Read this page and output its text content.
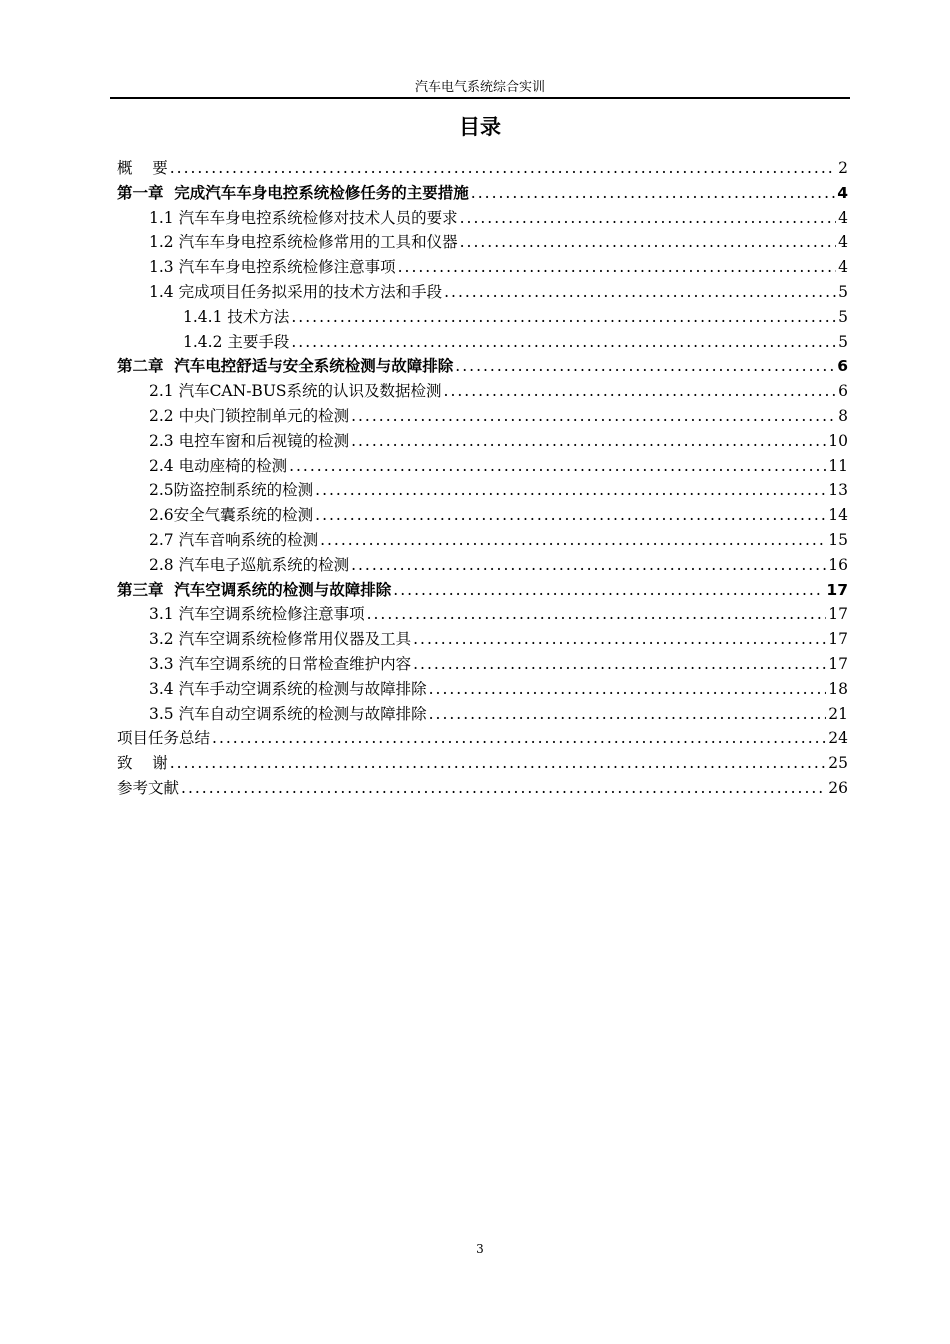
汽车电气系统综合实训
目录
概    要 .....	2
第一章  完成汽车车身电控系统检修任务的主要措施 .....	4
1.1 汽车车身电控系统检修对技术人员的要求 .....	4
1.2 汽车车身电控系统检修常用的工具和仪器 .....	4
1.3 汽车车身电控系统检修注意事项 .....	4
1.4 完成项目任务拟采用的技术方法和手段 .....	5
1.4.1 技术方法 .....	5
1.4.2 主要手段 .....	5
第二章  汽车电控舒适与安全系统检测与故障排除 .....	6
2.1 汽车CAN-BUS系统的认识及数据检测 .....	6
2.2 中央门锁控制单元的检测 .....	8
2.3 电控车窗和后视镜的检测 .....	10
2.4 电动座椅的检测 .....	11
2.5防盗控制系统的检测 .....	13
2.6安全气囊系统的检测 .....	14
2.7 汽车音响系统的检测 .....	15
2.8 汽车电子巡航系统的检测 .....	16
第三章  汽车空调系统的检测与故障排除 .....	17
3.1 汽车空调系统检修注意事项 .....	17
3.2 汽车空调系统检修常用仪器及工具 .....	17
3.3 汽车空调系统的日常检查维护内容 .....	17
3.4 汽车手动空调系统的检测与故障排除 .....	18
3.5 汽车自动空调系统的检测与故障排除 .....	21
项目任务总结 .....	24
致    谢 .....	25
参考文献 .....	26
3
